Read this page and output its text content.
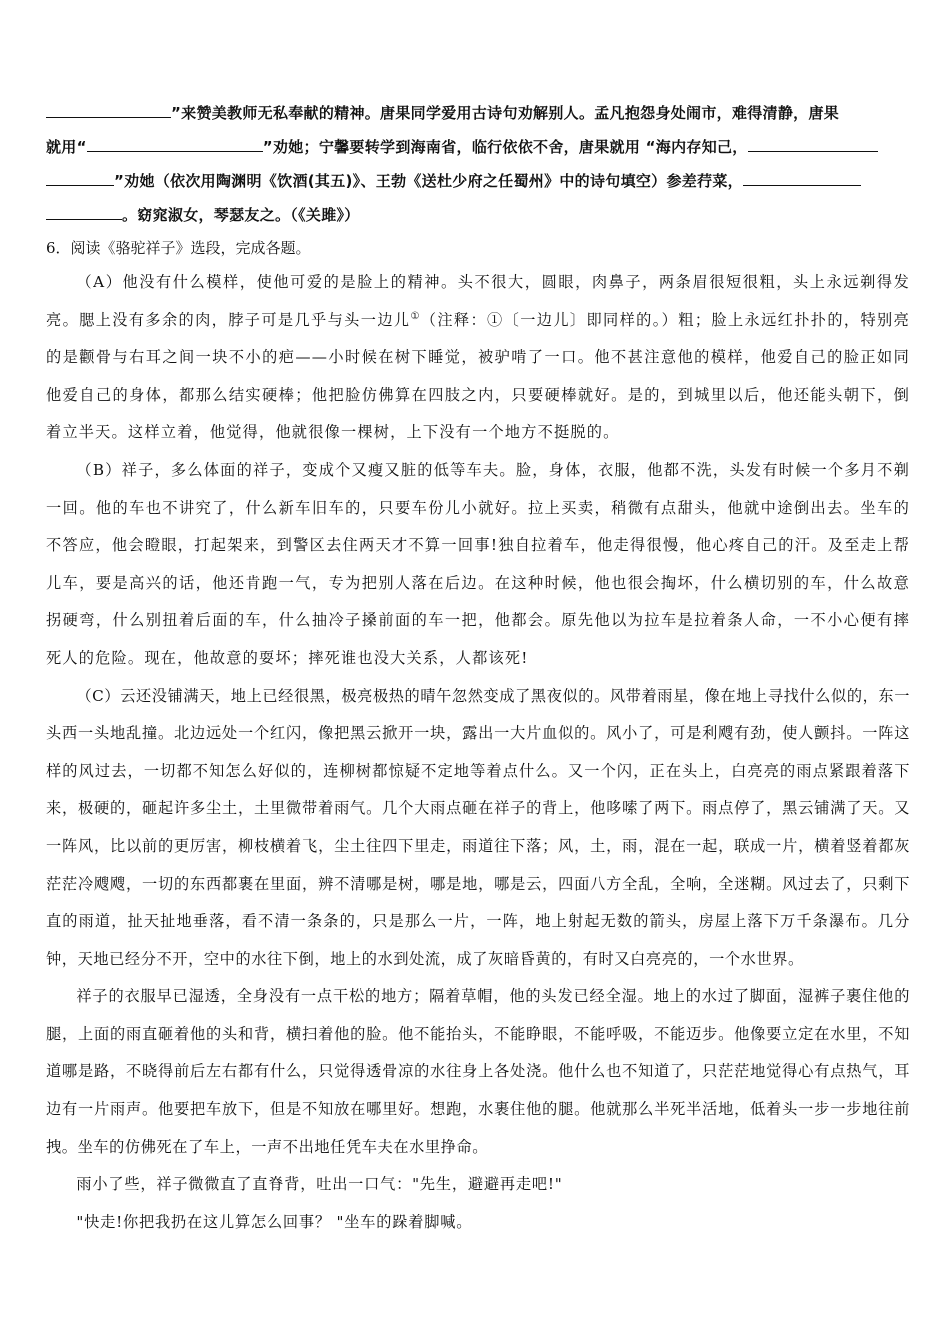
”来赞美教师无私奉献的精神。唐果同学爱用古诗句劝解别人。孟凡抱怨身处闹市，难得清静，唐果

就用“	”劝她；宁馨要转学到海南省，临行依依不舍，唐果就用 “海内存知己，

”劝她（依次用陶渊明《饮酒(其五)》、王勃《送杜少府之任蜀州》中的诗句填空）参差荇菜，

。窈窕淑女，琴瑟友之。（《关雎》）

6．阅读《骆驼祥子》选段，完成各题。

（A）他没有什么模样，使他可爱的是脸上的精神。头不很大，圆眼，肉鼻子，两条眉很短很粗，头上永远剃得发亮。腮上没有多余的肉，脖子可是几乎与头一边儿①（注释：①〔一边儿〕即同样的。）粗；脸上永远红扑扑的，特别亮的是颧骨与右耳之间一块不小的疤——小时候在树下睡觉，被驴啃了一口。他不甚注意他的模样，他爱自己的脸正如同他爱自己的身体，都那么结实硬棒；他把脸仿佛算在四肢之内，只要硬棒就好。是的，到城里以后，他还能头朝下，倒着立半天。这样立着，他觉得，他就很像一棵树，上下没有一个地方不挺脱的。

（B）祥子，多么体面的祥子，变成个又瘦又脏的低等车夫。脸，身体，衣服，他都不洗，头发有时候一个多月不剃一回。他的车也不讲究了，什么新车旧车的，只要车份儿小就好。拉上买卖，稍微有点甜头，他就中途倒出去。坐车的不答应，他会瞪眼，打起架来，到警区去住两天才不算一回事!独自拉着车，他走得很慢，他心疼自己的汗。及至走上帮儿车，要是高兴的话，他还肯跑一气，专为把别人落在后边。在这种时候，他也很会掏坏，什么横切别的车，什么故意拐硬弯，什么别扭着后面的车，什么抽冷子搡前面的车一把，他都会。原先他以为拉车是拉着条人命，一不小心便有摔死人的危险。现在，他故意的耍坏；摔死谁也没大关系，人都该死!

（C）云还没铺满天，地上已经很黑，极亮极热的晴午忽然变成了黑夜似的。风带着雨星，像在地上寻找什么似的，东一头西一头地乱撞。北边远处一个红闪，像把黑云掀开一块，露出一大片血似的。风小了，可是利飕有劲，使人颤抖。一阵这样的风过去，一切都不知怎么好似的，连柳树都惊疑不定地等着点什么。又一个闪，正在头上，白亮亮的雨点紧跟着落下来，极硬的，砸起许多尘土，土里微带着雨气。几个大雨点砸在祥子的背上，他哆嗦了两下。雨点停了，黑云铺满了天。又一阵风，比以前的更厉害，柳枝横着飞，尘土往四下里走，雨道往下落；风，土，雨，混在一起，联成一片，横着竖着都灰茫茫冷飕飕，一切的东西都裹在里面，辨不清哪是树，哪是地，哪是云，四面八方全乱，全响，全迷糊。风过去了，只剩下直的雨道，扯天扯地垂落，看不清一条条的，只是那么一片，一阵，地上射起无数的箭头，房屋上落下万千条瀑布。几分钟，天地已经分不开，空中的水往下倒，地上的水到处流，成了灰暗昏黄的，有时又白亮亮的，一个水世界。

祥子的衣服早已湿透，全身没有一点干松的地方；隔着草帽，他的头发已经全湿。地上的水过了脚面，湿裤子裹住他的腿，上面的雨直砸着他的头和背，横扫着他的脸。他不能抬头，不能睁眼，不能呼吸，不能迈步。他像要立定在水里，不知道哪是路，不晓得前后左右都有什么，只觉得透骨凉的水往身上各处浇。他什么也不知道了，只茫茫地觉得心有点热气，耳边有一片雨声。他要把车放下，但是不知放在哪里好。想跑，水裹住他的腿。他就那么半死半活地，低着头一步一步地往前拽。坐车的仿佛死在了车上，一声不出地任凭车夫在水里挣命。

雨小了些，祥子微微直了直脊背，吐出一口气："先生，避避再走吧!"

"快走!你把我扔在这儿算怎么回事？ "坐车的跺着脚喊。
